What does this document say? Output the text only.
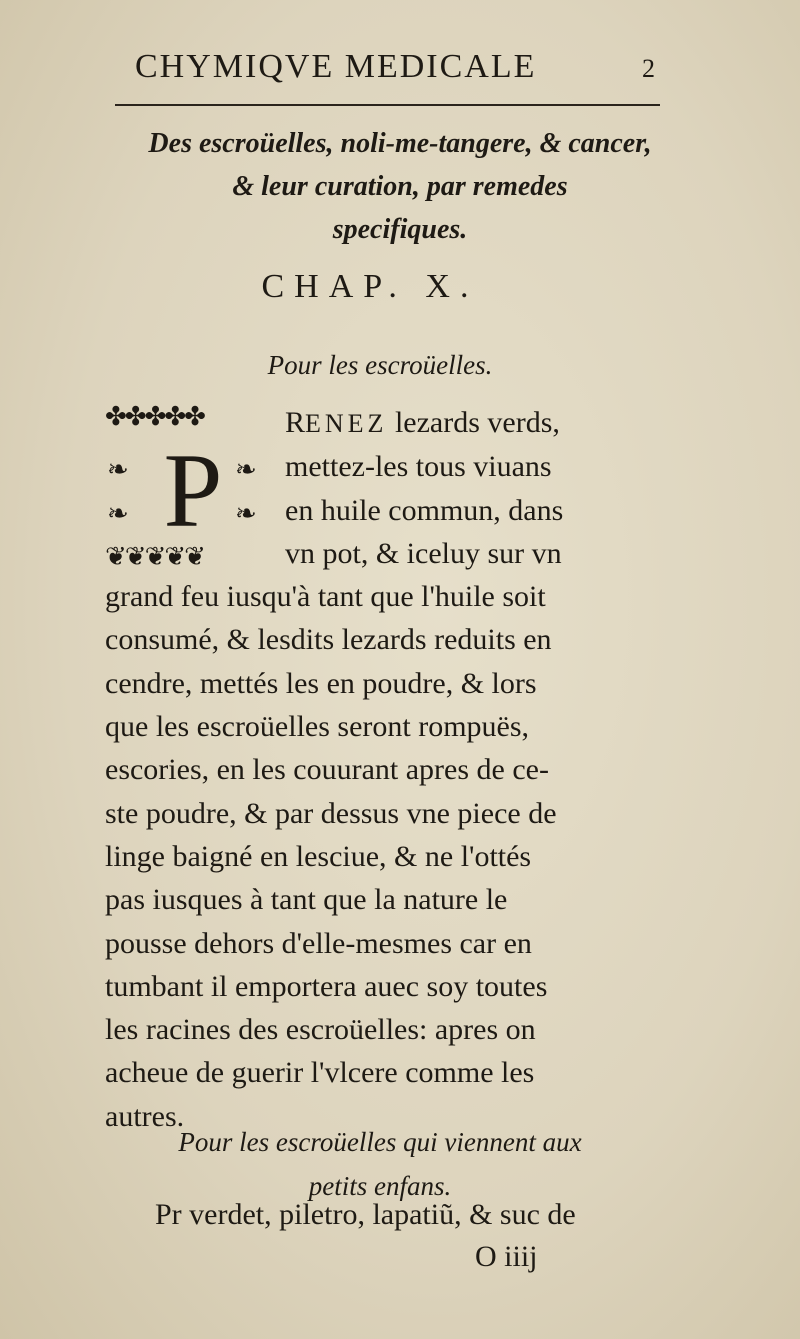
CHYMIQVE MEDICALE	2
Des escroüelles, noli-me-tangere, & cancer,
& leur curation, par remedes
specifiques.
CHAP. X.
Pour les escroüelles.
✤✤✤✤✤
❧
❧ P ❧
❧
❦❦❦❦❦
RENEZ lezards verds,
mettez-les tous viuans
en huile commun, dans
vn pot, & iceluy sur vn
grand feu iusqu'à tant que l'huile soit
consumé, & lesdits lezards reduits en
cendre, mettés les en poudre, & lors
que les escroüelles seront rompuës,
escories, en les couurant apres de ce-
ste poudre, & par dessus vne piece de
linge baigné en lesciue, & ne l'ottés
pas iusques à tant que la nature le
pousse dehors d'elle-mesmes car en
tumbant il emportera auec soy toutes
les racines des escroüelles: apres on
acheue de guerir l'vlcere comme les
autres.
Pour les escroüelles qui viennent aux
petits enfans.
Pr verdet, piletro, lapatiũ, & suc de
O iiij
